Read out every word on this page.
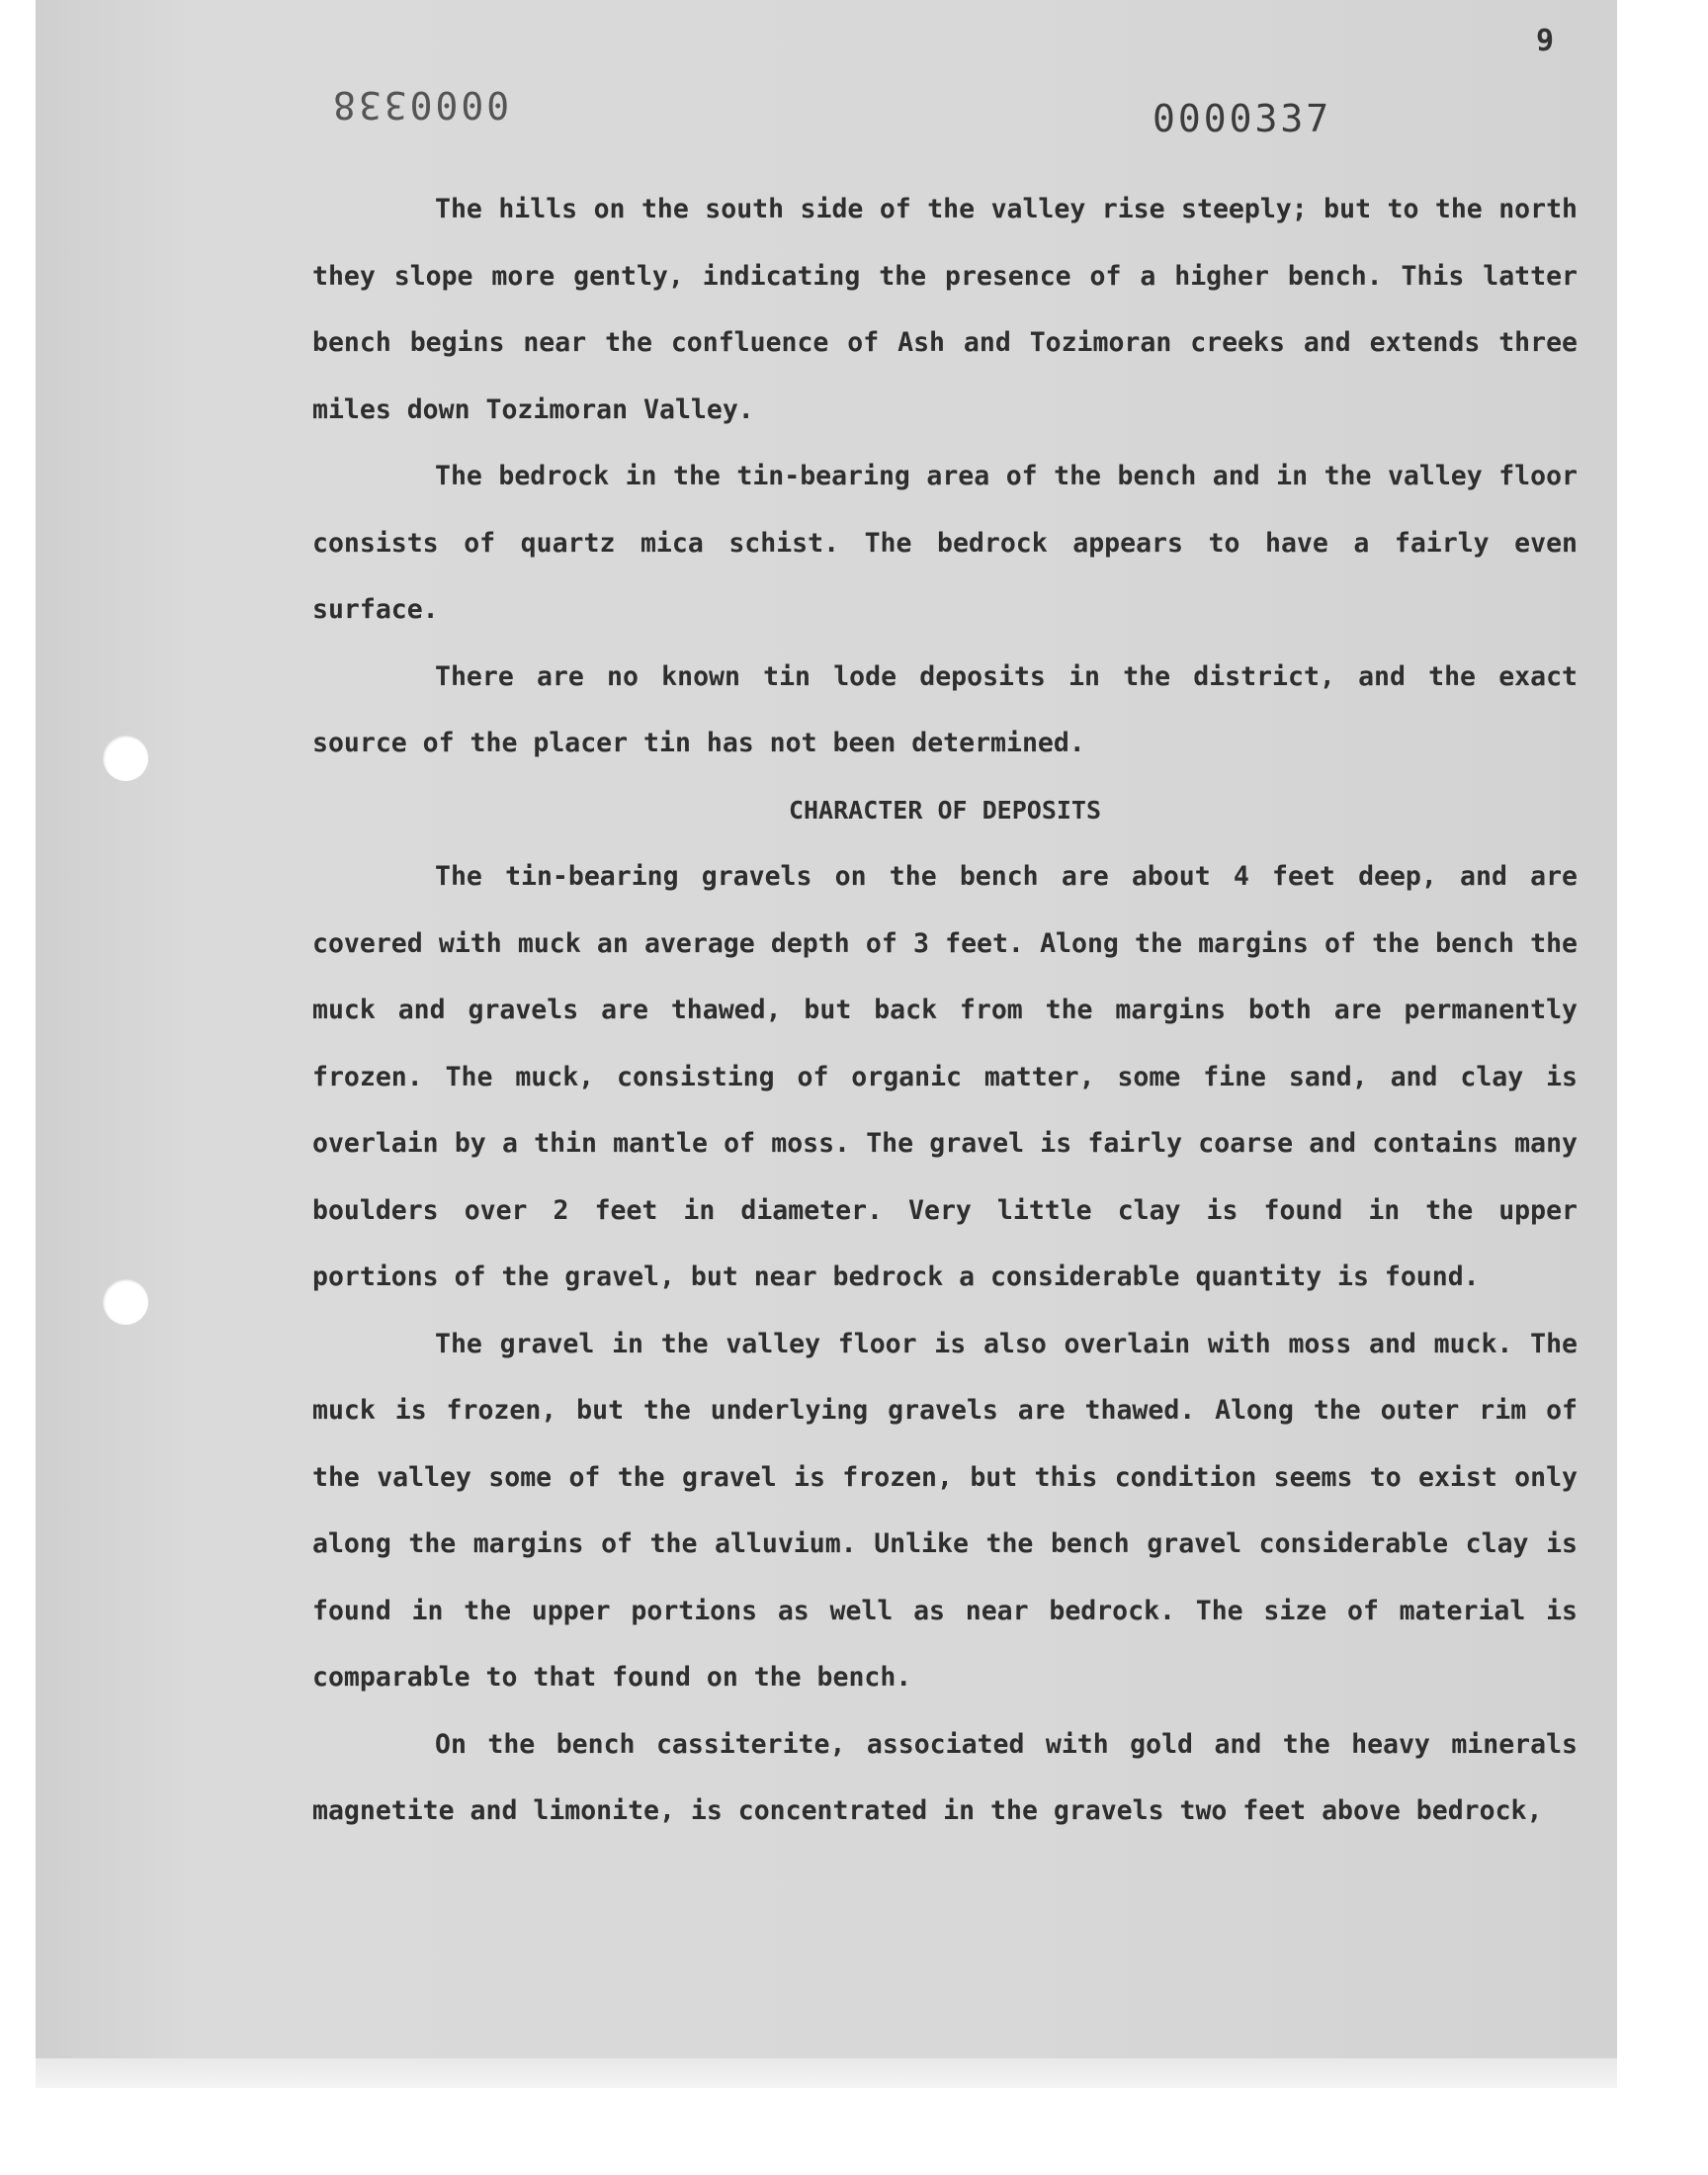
9
0000338	0000337

The hills on the south side of the valley rise steeply; but to the north they slope more gently, indicating the presence of a higher bench. This latter bench begins near the confluence of Ash and Tozimoran creeks and extends three miles down Tozimoran Valley.

The bedrock in the tin-bearing area of the bench and in the valley floor consists of quartz mica schist. The bedrock appears to have a fairly even surface.

There are no known tin lode deposits in the district, and the exact source of the placer tin has not been determined.

CHARACTER OF DEPOSITS

The tin-bearing gravels on the bench are about 4 feet deep, and are covered with muck an average depth of 3 feet. Along the margins of the bench the muck and gravels are thawed, but back from the margins both are permanently frozen. The muck, consisting of organic matter, some fine sand, and clay is overlain by a thin mantle of moss. The gravel is fairly coarse and contains many boulders over 2 feet in diameter. Very little clay is found in the upper portions of the gravel, but near bedrock a considerable quantity is found.

The gravel in the valley floor is also overlain with moss and muck. The muck is frozen, but the underlying gravels are thawed. Along the outer rim of the valley some of the gravel is frozen, but this condition seems to exist only along the margins of the alluvium. Unlike the bench gravel considerable clay is found in the upper portions as well as near bedrock. The size of material is comparable to that found on the bench.

On the bench cassiterite, associated with gold and the heavy minerals magnetite and limonite, is concentrated in the gravels two feet above bedrock,
